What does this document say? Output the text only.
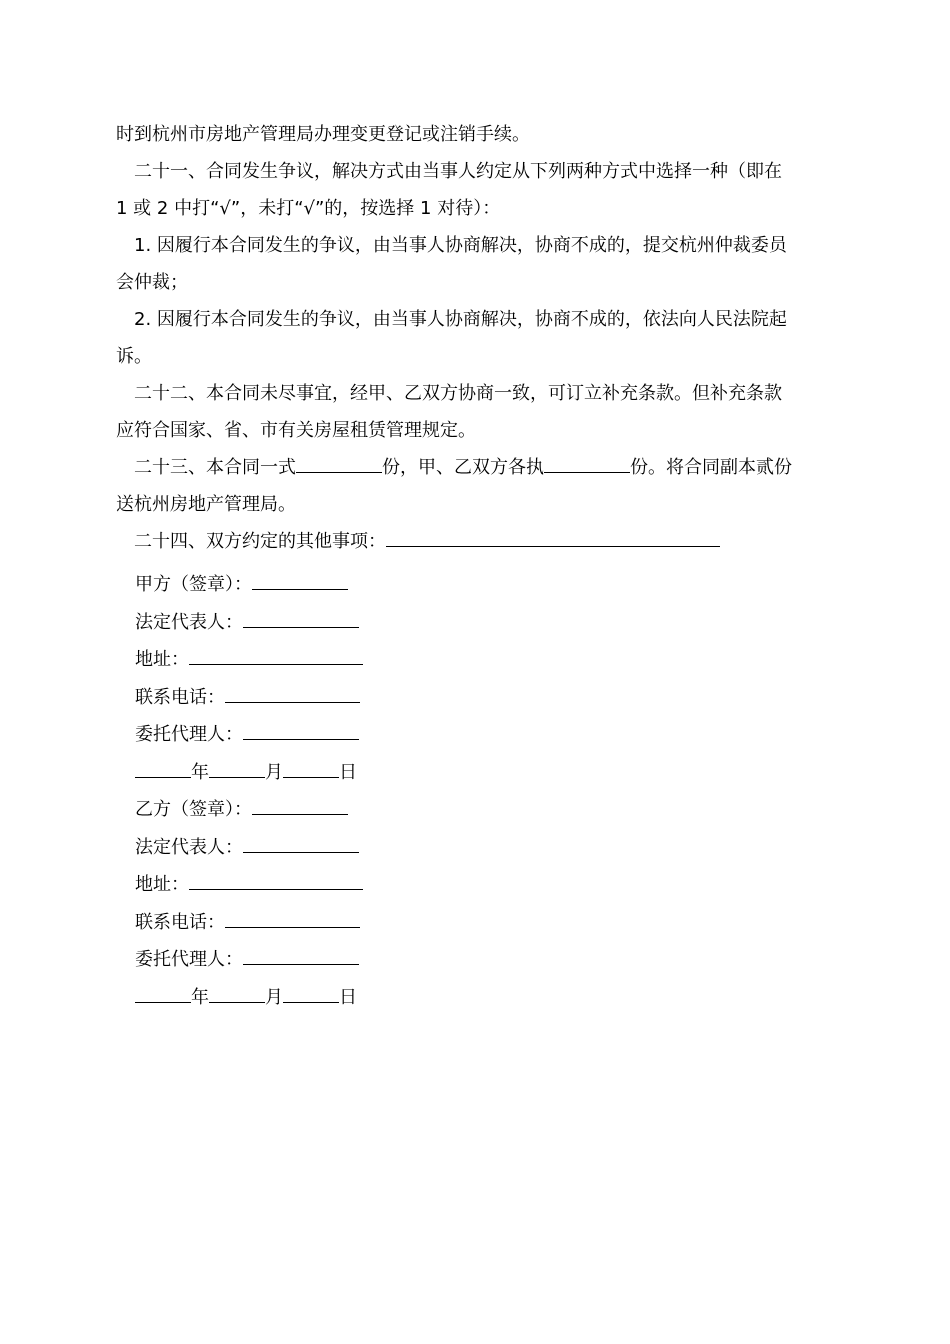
时到杭州市房地产管理局办理变更登记或注销手续。

二十一、合同发生争议，解决方式由当事人约定从下列两种方式中选择一种（即在

1 或 2 中打“√”，未打“√”的，按选择 1 对待）：

1. 因履行本合同发生的争议，由当事人协商解决，协商不成的，提交杭州仲裁委员

会仲裁；

2. 因履行本合同发生的争议，由当事人协商解决，协商不成的，依法向人民法院起

诉。

二十二、本合同未尽事宜，经甲、乙双方协商一致，可订立补充条款。但补充条款

应符合国家、省、市有关房屋租赁管理规定。

二十三、本合同一式	份，甲、乙双方各执	份。将合同副本贰份

送杭州房地产管理局。

二十四、双方约定的其他事项：

甲方（签章）：
法定代表人：
地址：
联系电话：
委托代理人：
年	月	日
乙方（签章）：
法定代表人：
地址：
联系电话：
委托代理人：
年	月	日
